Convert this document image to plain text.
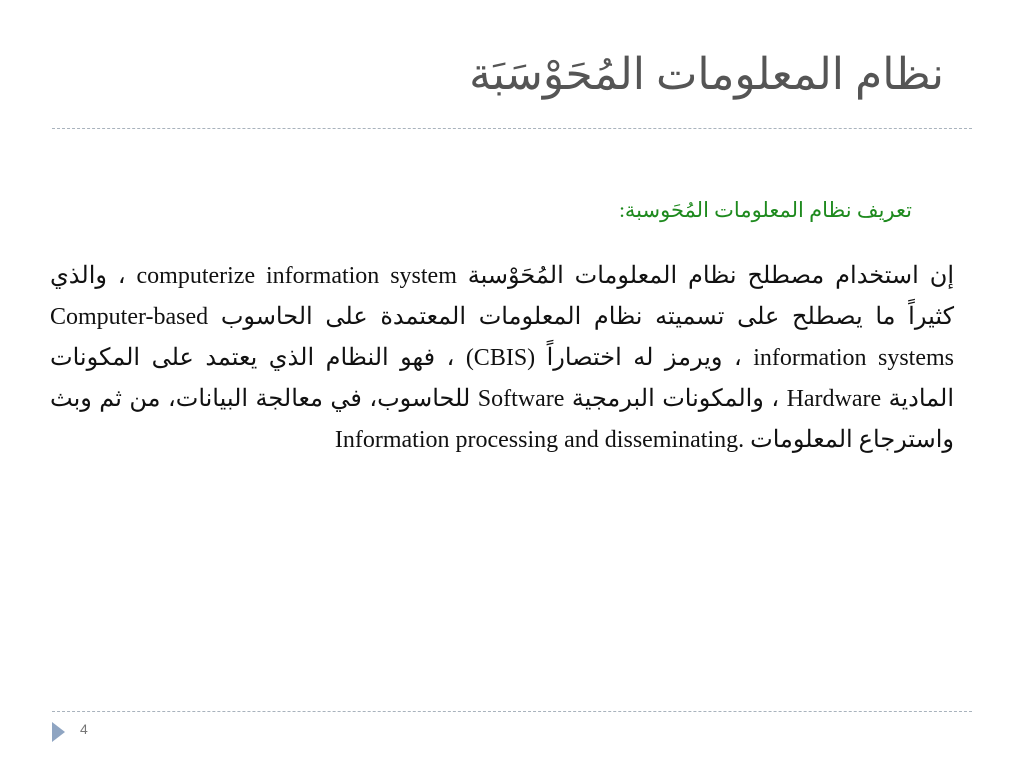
نظام المعلومات المُحَوْسَبَة

تعريف نظام المعلومات المُحَوسبة:

إن استخدام مصطلح نظام المعلومات المُحَوْسبة computerize information system ، والذي كثيراً ما يصطلح على تسميته نظام المعلومات المعتمدة على الحاسوب Computer-based information systems ، ويرمز له اختصاراً (CBIS) ، فهو النظام الذي يعتمد على المكونات المادية Hardware ، والمكونات البرمجية Software للحاسوب، في معالجة البيانات، من ثم وبث واسترجاع المعلومات Information processing and disseminating.

4
